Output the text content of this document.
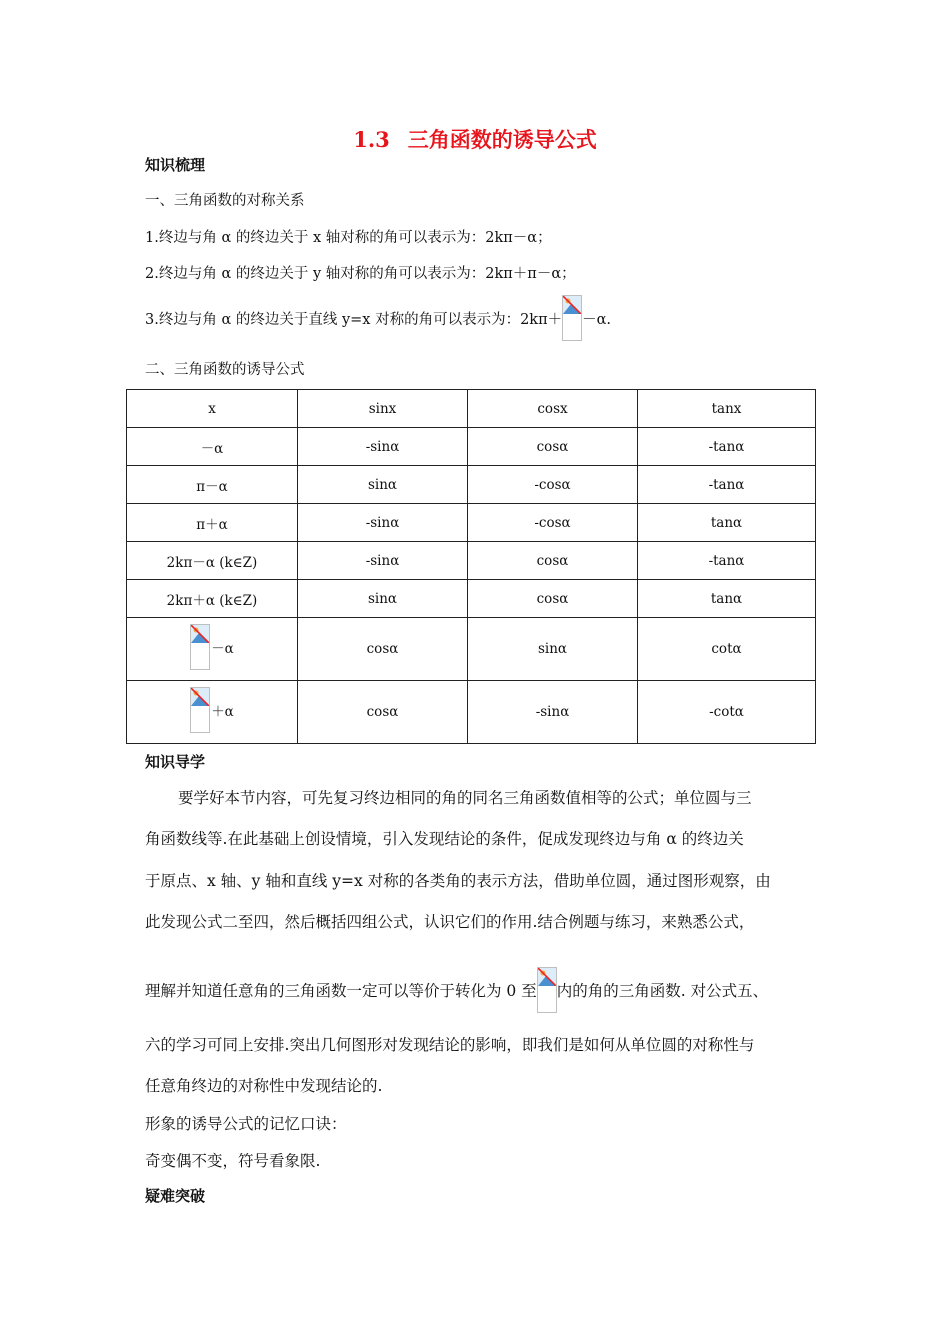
1.3 三角函数的诱导公式
知识梳理
一、三角函数的对称关系
1.终边与角 α 的终边关于 x 轴对称的角可以表示为：2kπ－α；
2.终边与角 α 的终边关于 y 轴对称的角可以表示为：2kπ＋π－α；
3.终边与角 α 的终边关于直线 y=x 对称的角可以表示为：2kπ＋ －α.
二、三角函数的诱导公式
x	sinx	cosx	tanx
－α	-sinα	cosα	-tanα
π－α	sinα	-cosα	-tanα
π＋α	-sinα	-cosα	tanα
2kπ－α (k∈Z)	-sinα	cosα	-tanα
2kπ＋α (k∈Z)	sinα	cosα	tanα

－α	cosα	sinα	cotα

＋α	cosα	-sinα	-cotα
知识导学
要学好本节内容，可先复习终边相同的角的同名三角函数值相等的公式；单位圆与三
角函数线等.在此基础上创设情境，引入发现结论的条件，促成发现终边与角 α 的终边关
于原点、x 轴、y 轴和直线 y=x 对称的各类角的表示方法，借助单位圆，通过图形观察，由
此发现公式二至四，然后概括四组公式，认识它们的作用.结合例题与练习，来熟悉公式，
理解并知道任意角的三角函数一定可以等价于转化为 0 至 内的角的三角函数. 对公式五、
六的学习可同上安排.突出几何图形对发现结论的影响，即我们是如何从单位圆的对称性与
任意角终边的对称性中发现结论的.
形象的诱导公式的记忆口诀：
奇变偶不变，符号看象限.
疑难突破
